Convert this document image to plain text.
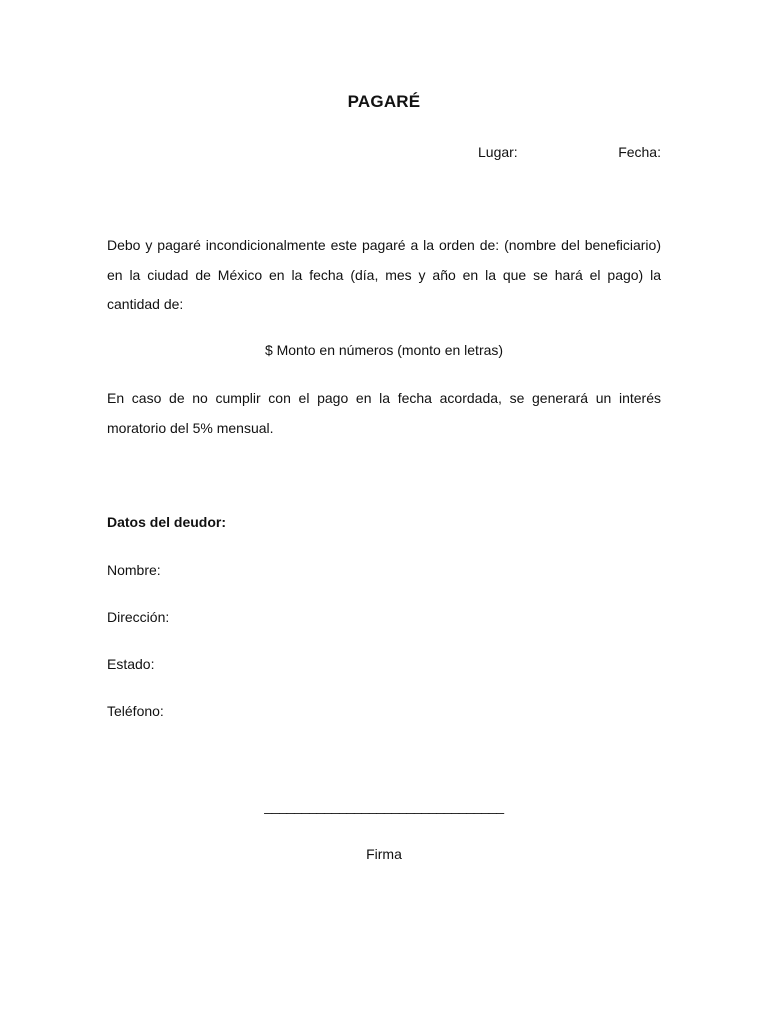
PAGARÉ
Lugar:	Fecha:

Debo y pagaré incondicionalmente este pagaré a la orden de: (nombre del beneficiario) en la ciudad de México en la fecha (día, mes y año en la que se hará el pago) la cantidad de:

$ Monto en números (monto en letras)

En caso de no cumplir con el pago en la fecha acordada, se generará un interés moratorio del 5% mensual.

Datos del deudor:
Nombre:
Dirección:
Estado:
Teléfono:
________________________________
Firma
